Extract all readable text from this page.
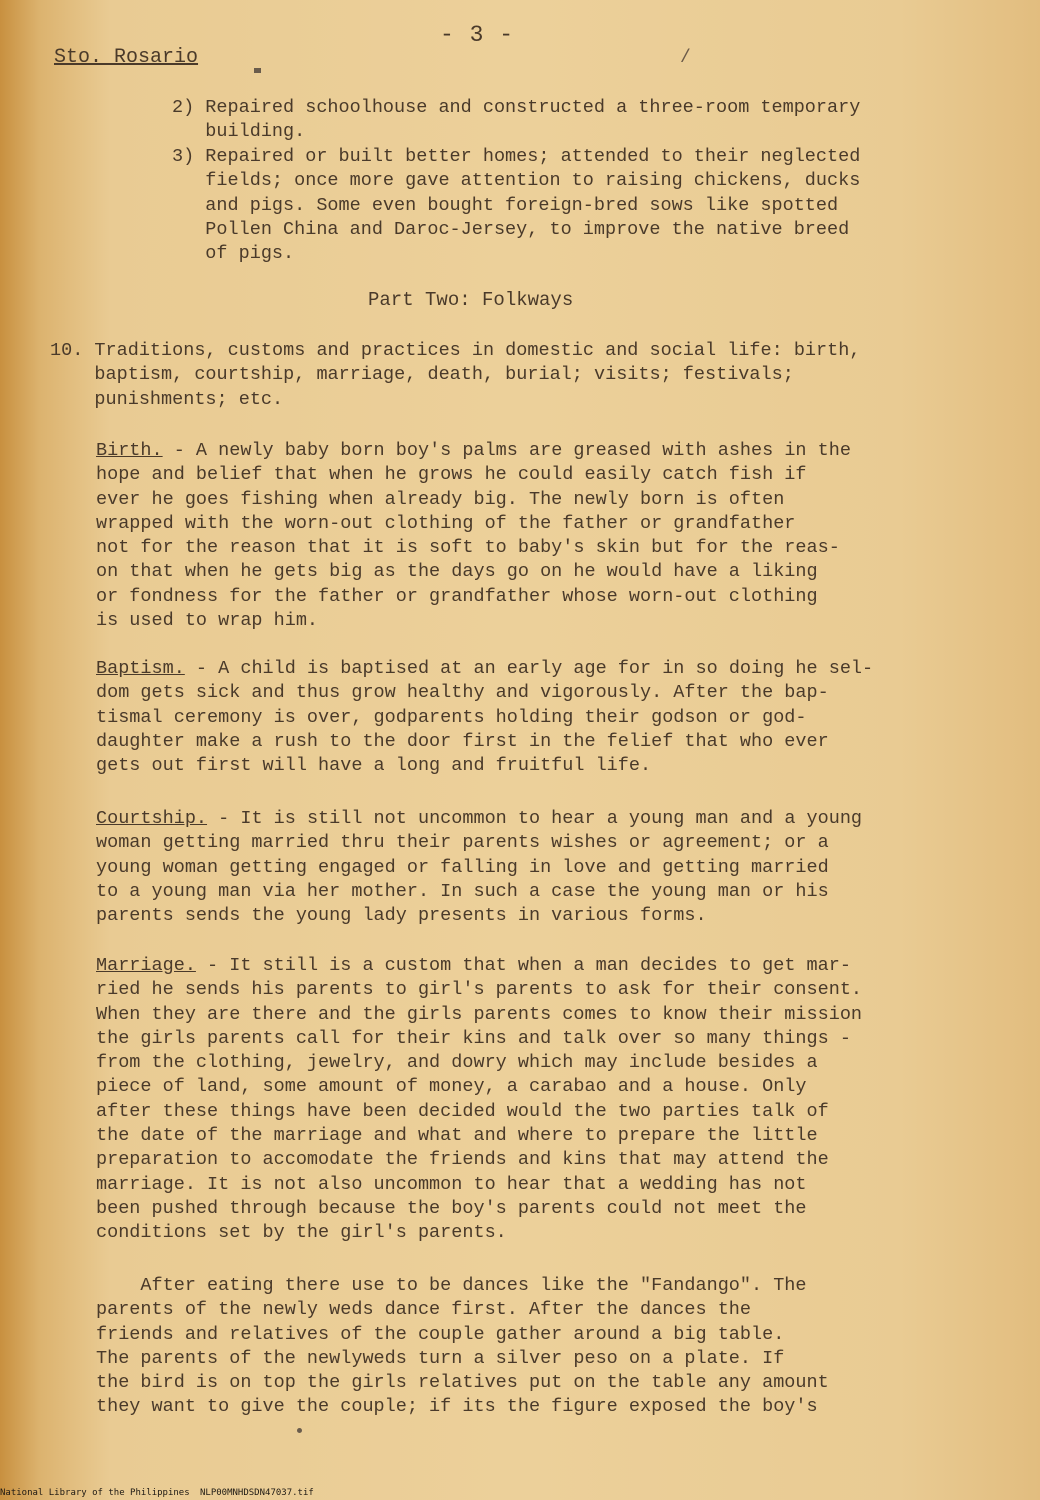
- 3 -
Sto. Rosario	/
2) Repaired schoolhouse and constructed a three-room temporary
building.
3) Repaired or built better homes; attended to their neglected
fields; once more gave attention to raising chickens, ducks
and pigs. Some even bought foreign-bred sows like spotted
Pollen China and Daroc-Jersey, to improve the native breed
of pigs.
Part Two: Folkways
10. Traditions, customs and practices in domestic and social life: birth,
baptism, courtship, marriage, death, burial; visits; festivals;
punishments; etc.
Birth. - A newly baby born boy's palms are greased with ashes in the
hope and belief that when he grows he could easily catch fish if
ever he goes fishing when already big. The newly born is often
wrapped with the worn-out clothing of the father or grandfather
not for the reason that it is soft to baby's skin but for the reas-
on that when he gets big as the days go on he would have a liking
or fondness for the father or grandfather whose worn-out clothing
is used to wrap him.
Baptism. - A child is baptised at an early age for in so doing he sel-
dom gets sick and thus grow healthy and vigorously. After the bap-
tismal ceremony is over, godparents holding their godson or god-
daughter make a rush to the door first in the felief that who ever
gets out first will have a long and fruitful life.
Courtship. - It is still not uncommon to hear a young man and a young
woman getting married thru their parents wishes or agreement; or a
young woman getting engaged or falling in love and getting married
to a young man via her mother. In such a case the young man or his
parents sends the young lady presents in various forms.
Marriage. - It still is a custom that when a man decides to get mar-
ried he sends his parents to girl's parents to ask for their consent.
When they are there and the girls parents comes to know their mission
the girls parents call for their kins and talk over so many things -
from the clothing, jewelry, and dowry which may include besides a
piece of land, some amount of money, a carabao and a house. Only
after these things have been decided would the two parties talk of
the date of the marriage and what and where to prepare the little
preparation to accomodate the friends and kins that may attend the
marriage. It is not also uncommon to hear that a wedding has not
been pushed through because the boy's parents could not meet the
conditions set by the girl's parents.
After eating there use to be dances like the "Fandango". The
parents of the newly weds dance first. After the dances the
friends and relatives of the couple gather around a big table.
The parents of the newlyweds turn a silver peso on a plate. If
the bird is on top the girls relatives put on the table any amount
they want to give the couple; if its the figure exposed the boy's
National Library of the Philippines NLP00MNHDSDN47037.tif
